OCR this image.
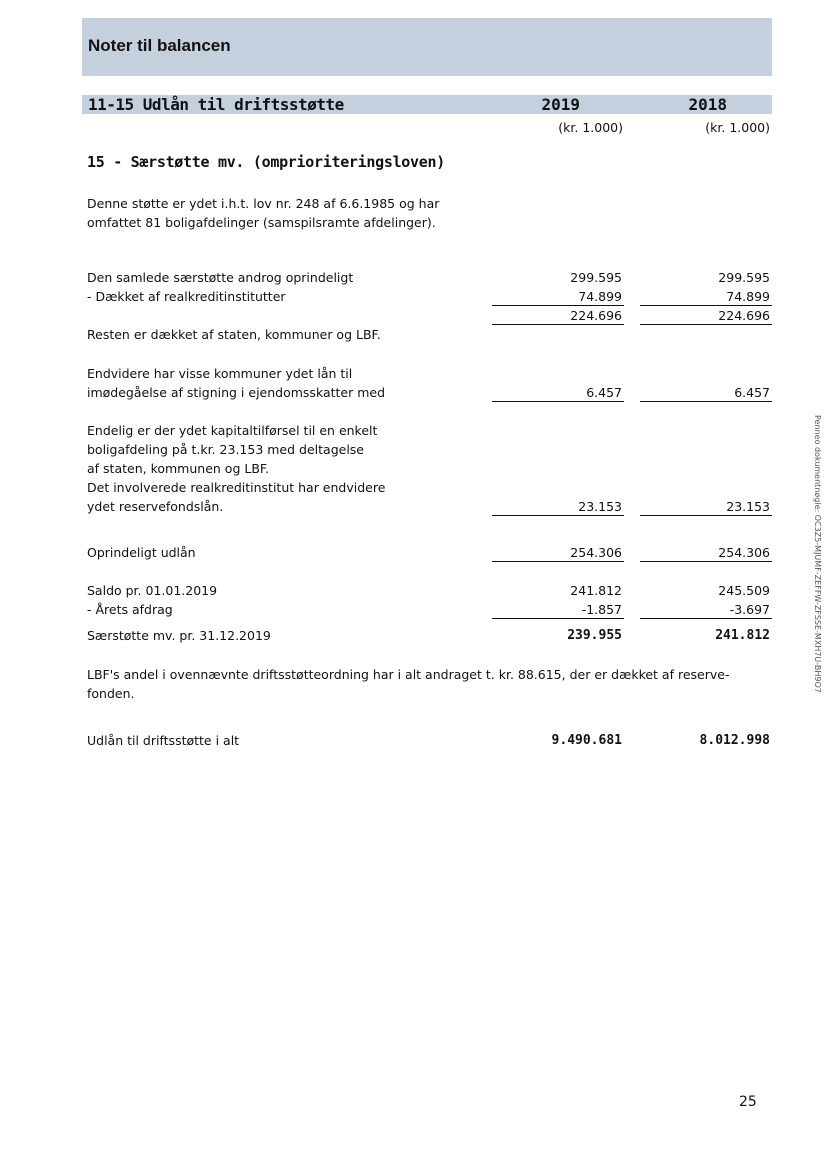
Noter til balancen
11-15 Udlån til driftsstøtte	2019	2018
(kr. 1.000)	(kr. 1.000)
15 - Særstøtte mv. (omprioriteringsloven)
Denne støtte er ydet i.h.t. lov nr. 248 af 6.6.1985 og har
omfattet 81 boligafdelinger (samspilsramte afdelinger).
Den samlede særstøtte androg oprindeligt	299.595	299.595
- Dækket af realkreditinstitutter	74.899	74.899
224.696	224.696
Resten er dækket af staten, kommuner og LBF.
Endvidere har visse kommuner ydet lån til
imødegåelse af stigning i ejendomsskatter med	6.457	6.457
Endelig er der ydet kapitaltilførsel til en enkelt
boligafdeling på t.kr. 23.153 med deltagelse
af staten, kommunen og LBF.
Det involverede realkreditinstitut har endvidere
ydet reservefondslån.	23.153	23.153
Oprindeligt udlån	254.306	254.306
Saldo pr. 01.01.2019	241.812	245.509
- Årets afdrag	-1.857	-3.697
Særstøtte mv. pr. 31.12.2019	239.955	241.812
LBF's andel i ovennævnte driftsstøtteordning har i alt andraget t. kr. 88.615, der er dækket af reserve-
fonden.
Udlån til driftsstøtte i alt	9.490.681	8.012.998
Penneo dokumentnøgle: OC3Z5-MJUMF-ZEFFW-ZFSSE-MXH7U-BH9O7
25
